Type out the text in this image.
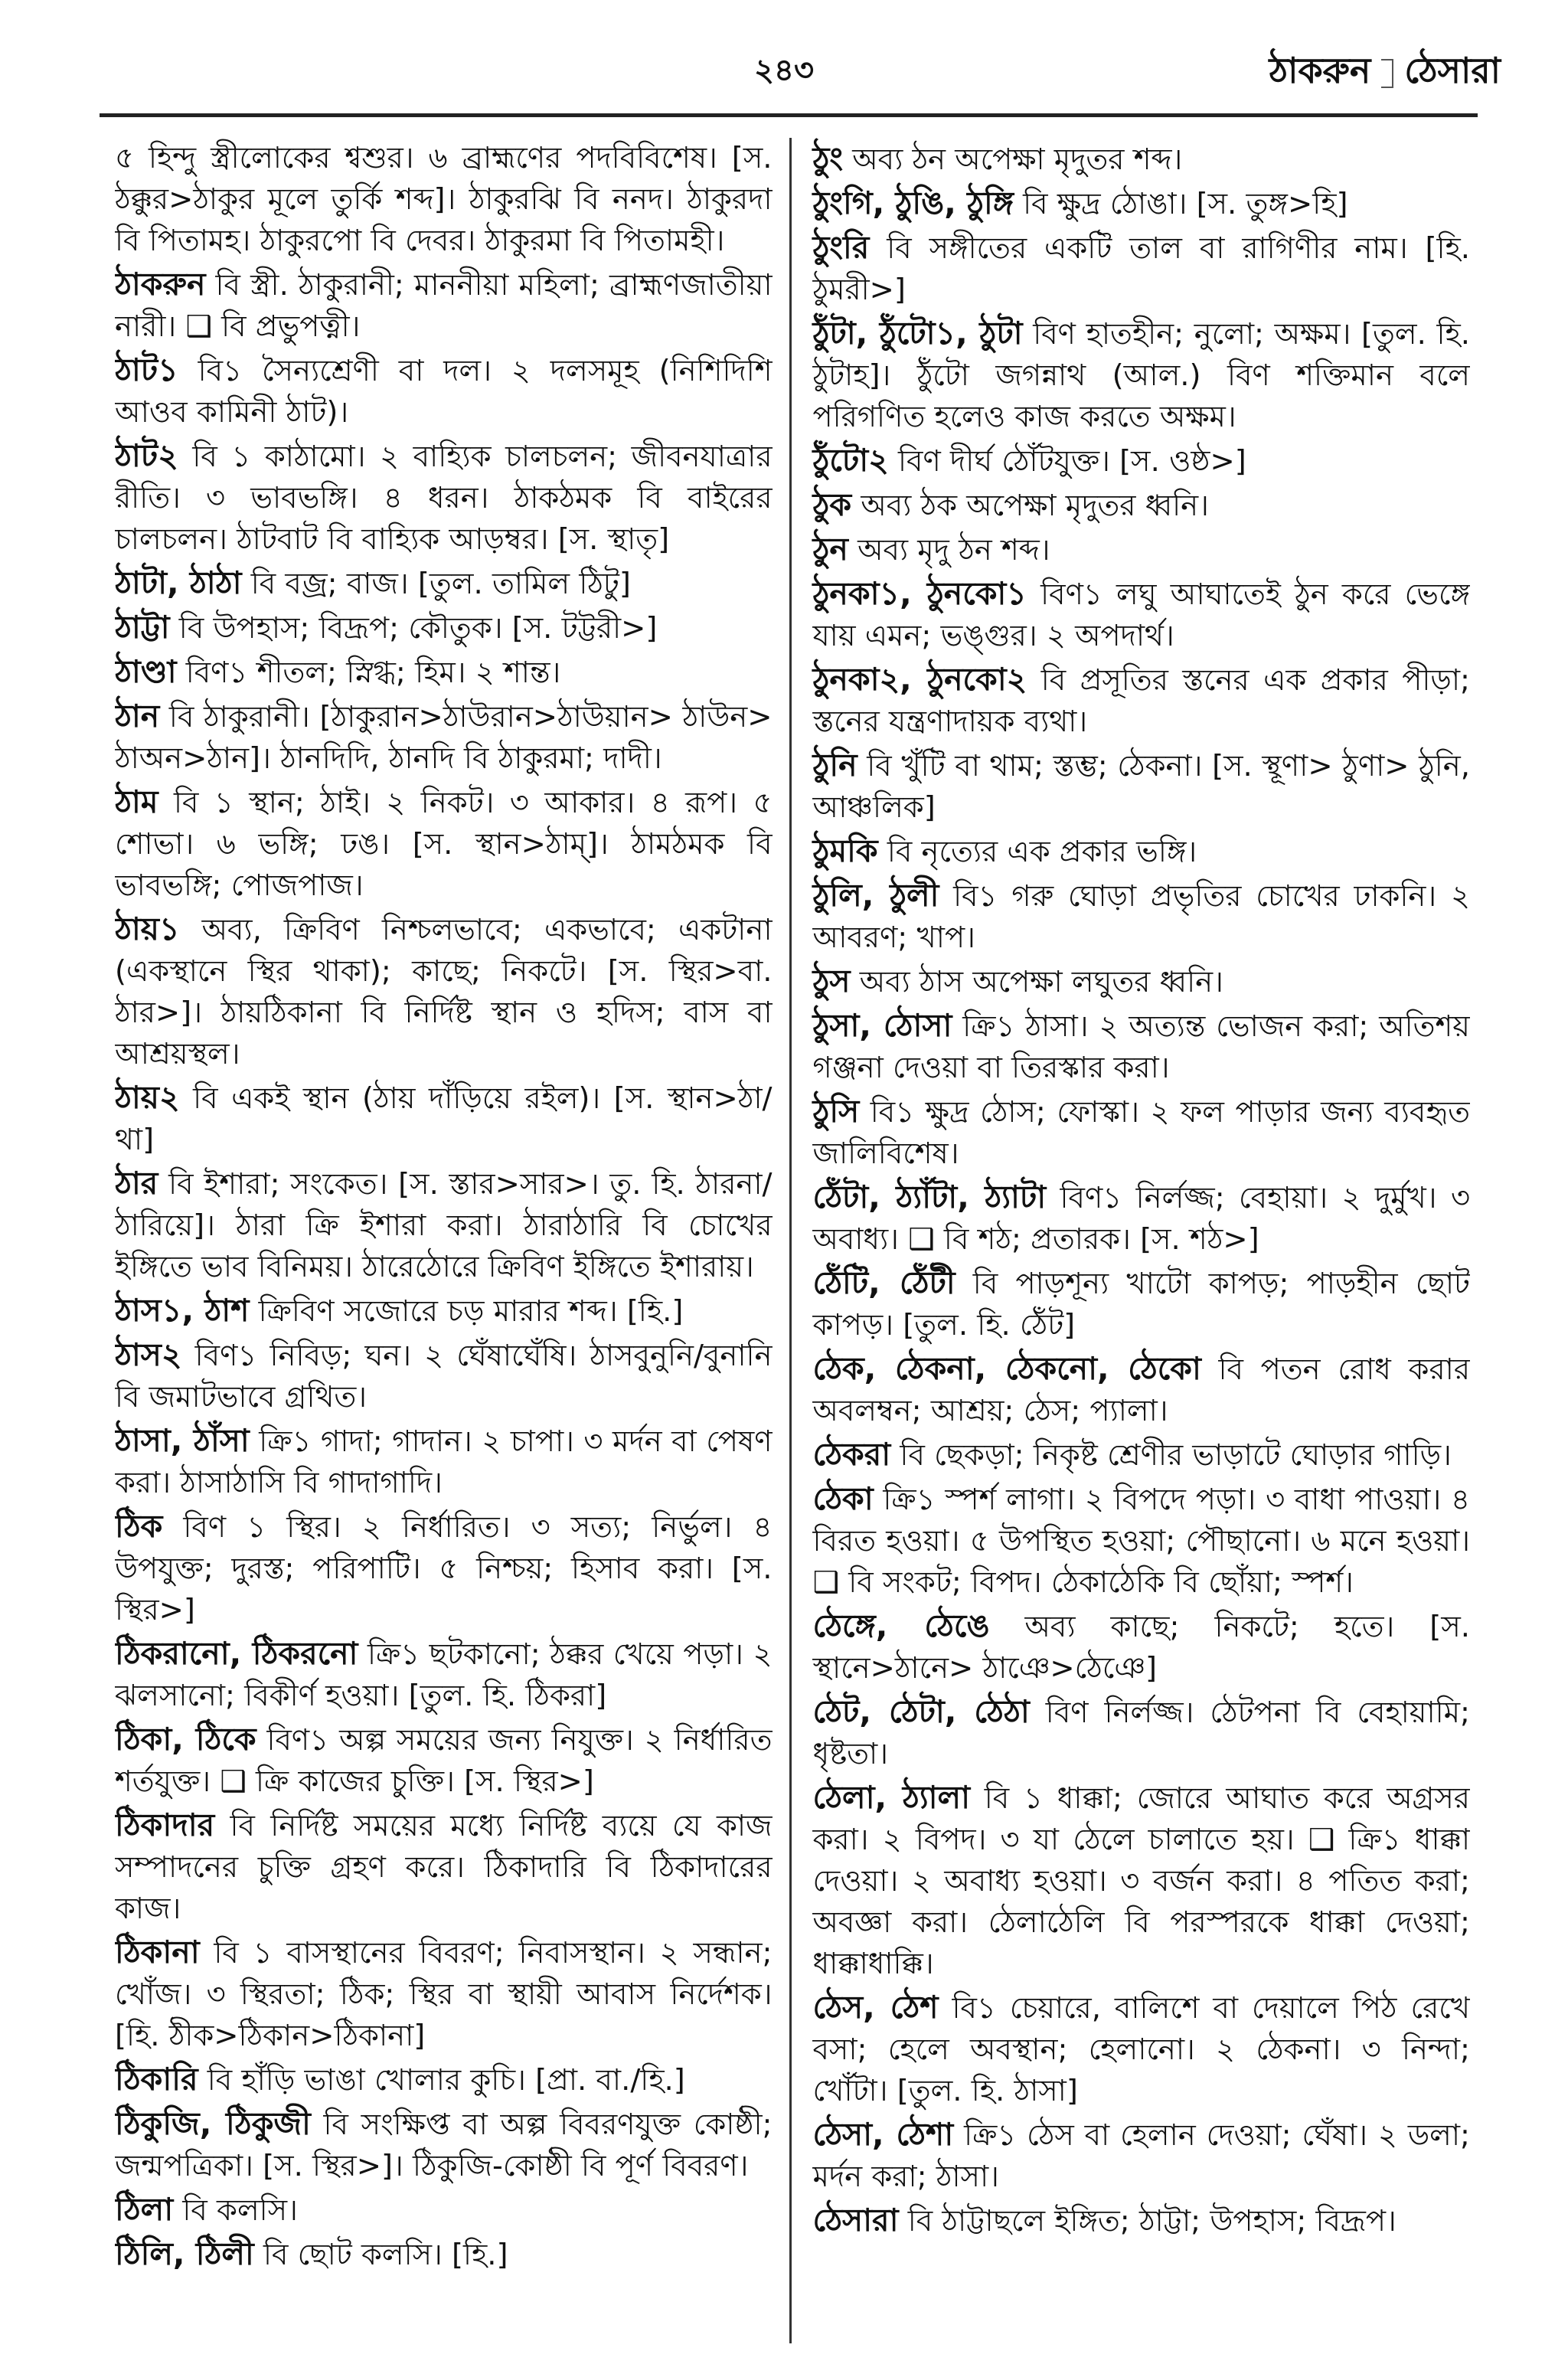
২৪৩	ঠাকরুন ঠেসারা
৫ হিন্দু স্ত্রীলোকের শ্বশুর। ৬ ব্রাহ্মণের পদবিবিশেষ। [স. ঠক্কুর>ঠাকুর মূলে তুর্কি শব্দ]। ঠাকুরঝি বি ননদ। ঠাকুরদা বি পিতামহ। ঠাকুরপো বি দেবর। ঠাকুরমা বি পিতামহী।
ঠাকরুন বি স্ত্রী. ঠাকুরানী; মাননীয়া মহিলা; ব্রাহ্মণজাতীয়া নারী। ❑ বি প্রভুপত্নী।
ঠাট১ বি১ সৈন্যশ্রেণী বা দল। ২ দলসমূহ (নিশিদিশি আওব কামিনী ঠাট)।
ঠাট২ বি ১ কাঠামো। ২ বাহ্যিক চালচলন; জীবনযাত্রার রীতি। ৩ ভাবভঙ্গি। ৪ ধরন। ঠাকঠমক বি বাইরের চালচলন। ঠাটবাট বি বাহ্যিক আড়ম্বর। [স. স্থাতৃ]
ঠাটা, ঠাঠা বি বজ্র; বাজ। [তুল. তামিল ঠিটু]
ঠাট্টা বি উপহাস; বিদ্রূপ; কৌতুক। [স. টট্টরী>]
ঠাণ্ডা বিণ১ শীতল; স্নিগ্ধ; হিম। ২ শান্ত।
ঠান বি ঠাকুরানী। [ঠাকুরান>ঠাউরান>ঠাউয়ান> ঠাউন> ঠাঅন>ঠান]। ঠানদিদি, ঠানদি বি ঠাকুরমা; দাদী।
ঠাম বি ১ স্থান; ঠাই। ২ নিকট। ৩ আকার। ৪ রূপ। ৫ শোভা। ৬ ভঙ্গি; ঢঙ। [স. স্থান>ঠাম্]। ঠামঠমক বি ভাবভঙ্গি; পোজপাজ।
ঠায়১ অব্য, ক্রিবিণ নিশ্চলভাবে; একভাবে; একটানা (একস্থানে স্থির থাকা); কাছে; নিকটে। [স. স্থির>বা. ঠার>]। ঠায়ঠিকানা বি নির্দিষ্ট স্থান ও হদিস; বাস বা আশ্রয়স্থল।
ঠায়২ বি একই স্থান (ঠায় দাঁড়িয়ে রইল)। [স. স্থান>ঠা/থা]
ঠার বি ইশারা; সংকেত। [স. স্তার>সার>। তু. হি. ঠারনা/ঠারিয়ে]। ঠারা ক্রি ইশারা করা। ঠারাঠারি বি চোখের ইঙ্গিতে ভাব বিনিময়। ঠারেঠোরে ক্রিবিণ ইঙ্গিতে ইশারায়।
ঠাস১, ঠাশ ক্রিবিণ সজোরে চড় মারার শব্দ। [হি.]
ঠাস২ বিণ১ নিবিড়; ঘন। ২ ঘেঁষাঘেঁষি। ঠাসবুনুনি/বুনানি বি জমাটভাবে গ্রথিত।
ঠাসা, ঠাঁসা ক্রি১ গাদা; গাদান। ২ চাপা। ৩ মর্দন বা পেষণ করা। ঠাসাঠাসি বি গাদাগাদি।
ঠিক বিণ ১ স্থির। ২ নির্ধারিত। ৩ সত্য; নির্ভুল। ৪ উপযুক্ত; দুরস্ত; পরিপাটি। ৫ নিশ্চয়; হিসাব করা। [স. স্থির>]
ঠিকরানো, ঠিকরনো ক্রি১ ছটকানো; ঠক্কর খেয়ে পড়া। ২ ঝলসানো; বিকীর্ণ হওয়া। [তুল. হি. ঠিকরা]
ঠিকা, ঠিকে বিণ১ অল্প সময়ের জন্য নিযুক্ত। ২ নির্ধারিত শর্তযুক্ত। ❑ ক্রি কাজের চুক্তি। [স. স্থির>]
ঠিকাদার বি নির্দিষ্ট সময়ের মধ্যে নির্দিষ্ট ব্যয়ে যে কাজ সম্পাদনের চুক্তি গ্রহণ করে। ঠিকাদারি বি ঠিকাদারের কাজ।
ঠিকানা বি ১ বাসস্থানের বিবরণ; নিবাসস্থান। ২ সন্ধান; খোঁজ। ৩ স্থিরতা; ঠিক; স্থির বা স্থায়ী আবাস নির্দেশক। [হি. ঠীক>ঠিকান>ঠিকানা]
ঠিকারি বি হাঁড়ি ভাঙা খোলার কুচি। [প্রা. বা./হি.]
ঠিকুজি, ঠিকুজী বি সংক্ষিপ্ত বা অল্প বিবরণযুক্ত কোষ্ঠী; জন্মপত্রিকা। [স. স্থির>]। ঠিকুজি-কোষ্ঠী বি পূর্ণ বিবরণ।
ঠিলা বি কলসি।
ঠিলি, ঠিলী বি ছোট কলসি। [হি.]
ঠুং অব্য ঠন অপেক্ষা মৃদুতর শব্দ।
ঠুংগি, ঠুঙি, ঠুঙ্গি বি ক্ষুদ্র ঠোঙা। [স. তুঙ্গ>হি]
ঠুংরি বি সঙ্গীতের একটি তাল বা রাগিণীর নাম। [হি. ঠুমরী>]
ঠুঁটা, ঠুঁটো১, ঠুটা বিণ হাতহীন; নুলো; অক্ষম। [তুল. হি. ঠুটাহ]। ঠুঁটো জগন্নাথ (আল.) বিণ শক্তিমান বলে পরিগণিত হলেও কাজ করতে অক্ষম।
ঠুঁটো২ বিণ দীর্ঘ ঠোঁটযুক্ত। [স. ওষ্ঠ>]
ঠুক অব্য ঠক অপেক্ষা মৃদুতর ধ্বনি।
ঠুন অব্য মৃদু ঠন শব্দ।
ঠুনকা১, ঠুনকো১ বিণ১ লঘু আঘাতেই ঠুন করে ভেঙ্গে যায় এমন; ভঙ্গুর। ২ অপদার্থ।
ঠুনকা২, ঠুনকো২ বি প্রসূতির স্তনের এক প্রকার পীড়া; স্তনের যন্ত্রণাদায়ক ব্যথা।
ঠুনি বি খুঁটি বা থাম; স্তম্ভ; ঠেকনা। [স. স্থূণা> ঠুণা> ঠুনি, আঞ্চলিক]
ঠুমকি বি নৃত্যের এক প্রকার ভঙ্গি।
ঠুলি, ঠুলী বি১ গরু ঘোড়া প্রভৃতির চোখের ঢাকনি। ২ আবরণ; খাপ।
ঠুস অব্য ঠাস অপেক্ষা লঘুতর ধ্বনি।
ঠুসা, ঠোসা ক্রি১ ঠাসা। ২ অত্যন্ত ভোজন করা; অতিশয় গঞ্জনা দেওয়া বা তিরস্কার করা।
ঠুসি বি১ ক্ষুদ্র ঠোস; ফোস্কা। ২ ফল পাড়ার জন্য ব্যবহৃত জালিবিশেষ।
ঠেঁটা, ঠ্যাঁটা, ঠ্যাটা বিণ১ নির্লজ্জ; বেহায়া। ২ দুর্মুখ। ৩ অবাধ্য। ❑ বি শঠ; প্রতারক। [স. শঠ>]
ঠেঁটি, ঠেঁটী বি পাড়শূন্য খাটো কাপড়; পাড়হীন ছোট কাপড়। [তুল. হি. ঠেঁট]
ঠেক, ঠেকনা, ঠেকনো, ঠেকো বি পতন রোধ করার অবলম্বন; আশ্রয়; ঠেস; প্যালা।
ঠেকরা বি ছেকড়া; নিকৃষ্ট শ্রেণীর ভাড়াটে ঘোড়ার গাড়ি।
ঠেকা ক্রি১ স্পর্শ লাগা। ২ বিপদে পড়া। ৩ বাধা পাওয়া। ৪ বিরত হওয়া। ৫ উপস্থিত হওয়া; পৌছানো। ৬ মনে হওয়া। ❑ বি সংকট; বিপদ। ঠেকাঠেকি বি ছোঁয়া; স্পর্শ।
ঠেঙ্গে, ঠেঙে অব্য কাছে; নিকটে; হতে। [স. স্থানে>ঠানে> ঠাঞে>ঠেঞে]
ঠেট, ঠেটা, ঠেঠা বিণ নির্লজ্জ। ঠেটপনা বি বেহায়ামি; ধৃষ্টতা।
ঠেলা, ঠ্যালা বি ১ ধাক্কা; জোরে আঘাত করে অগ্রসর করা। ২ বিপদ। ৩ যা ঠেলে চালাতে হয়। ❑ ক্রি১ ধাক্কা দেওয়া। ২ অবাধ্য হওয়া। ৩ বর্জন করা। ৪ পতিত করা; অবজ্ঞা করা। ঠেলাঠেলি বি পরস্পরকে ধাক্কা দেওয়া; ধাক্কাধাক্কি।
ঠেস, ঠেশ বি১ চেয়ারে, বালিশে বা দেয়ালে পিঠ রেখে বসা; হেলে অবস্থান; হেলানো। ২ ঠেকনা। ৩ নিন্দা; খোঁটা। [তুল. হি. ঠাসা]
ঠেসা, ঠেশা ক্রি১ ঠেস বা হেলান দেওয়া; ঘেঁষা। ২ ডলা; মর্দন করা; ঠাসা।
ঠেসারা বি ঠাট্টাছলে ইঙ্গিত; ঠাট্টা; উপহাস; বিদ্রূপ।
